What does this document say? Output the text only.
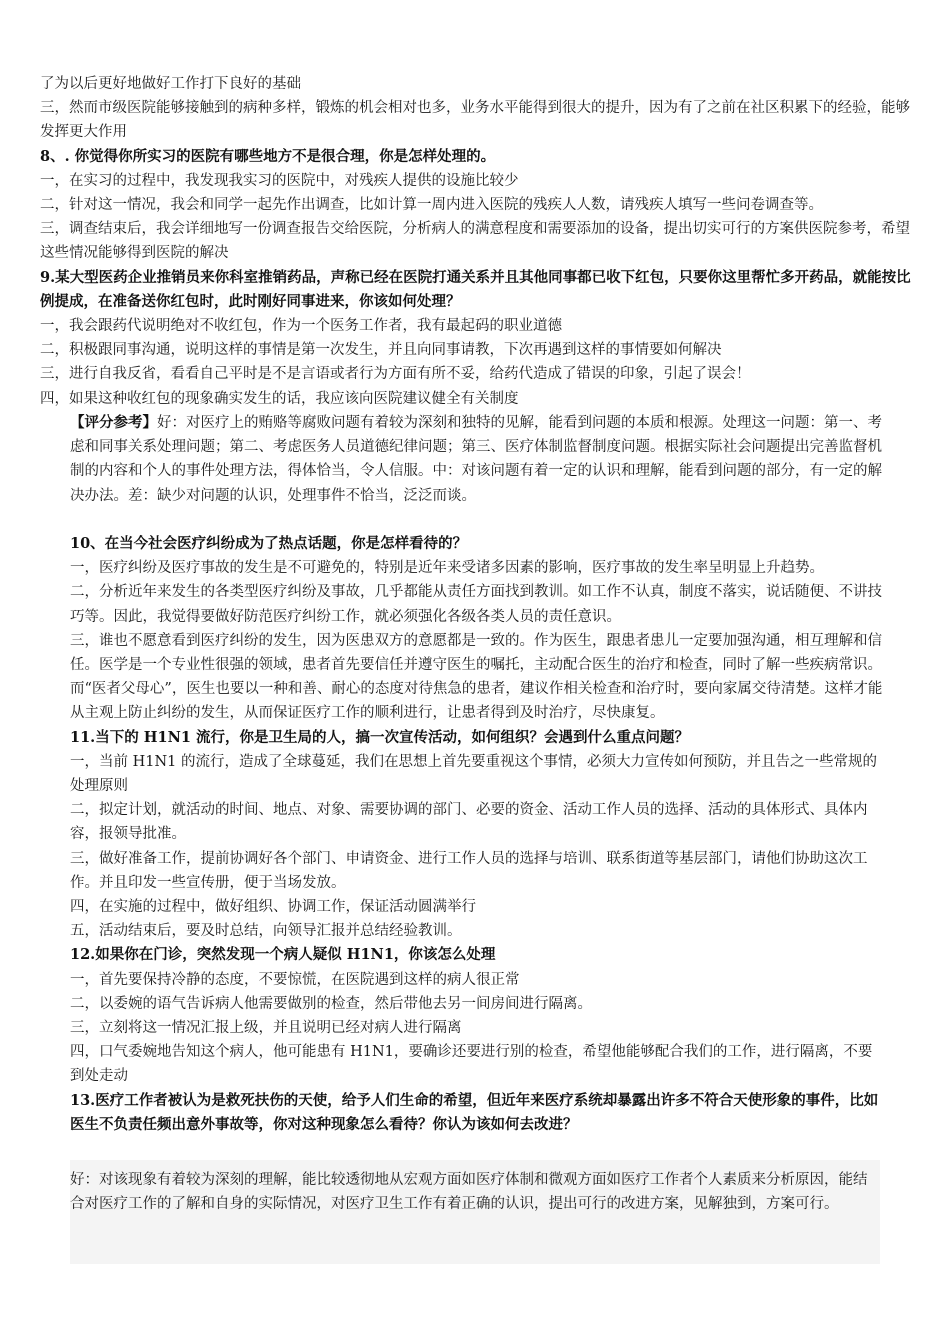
了为以后更好地做好工作打下良好的基础

三，然而市级医院能够接触到的病种多样，锻炼的机会相对也多，业务水平能得到很大的提升，因为有了之前在社区积累下的经验，能够发挥更大作用

8、. 你觉得你所实习的医院有哪些地方不是很合理，你是怎样处理的。

一，在实习的过程中，我发现我实习的医院中，对残疾人提供的设施比较少

二，针对这一情况，我会和同学一起先作出调查，比如计算一周内进入医院的残疾人人数，请残疾人填写一些问卷调查等。

三，调查结束后，我会详细地写一份调查报告交给医院，分析病人的满意程度和需要添加的设备，提出切实可行的方案供医院参考，希望这些情况能够得到医院的解决

9.某大型医药企业推销员来你科室推销药品，声称已经在医院打通关系并且其他同事都已收下红包，只要你这里帮忙多开药品，就能按比例提成，在准备送你红包时，此时刚好同事进来，你该如何处理？

一，我会跟药代说明绝对不收红包，作为一个医务工作者，我有最起码的职业道德

二，积极跟同事沟通，说明这样的事情是第一次发生，并且向同事请教，下次再遇到这样的事情要如何解决

三，进行自我反省，看看自己平时是不是言语或者行为方面有所不妥，给药代造成了错误的印象，引起了误会！

四，如果这种收红包的现象确实发生的话，我应该向医院建议健全有关制度

【评分参考】好：对医疗上的贿赂等腐败问题有着较为深刻和独特的见解，能看到问题的本质和根源。处理这一问题：第一、考虑和同事关系处理问题；第二、考虑医务人员道德纪律问题；第三、医疗体制监督制度问题。根据实际社会问题提出完善监督机制的内容和个人的事件处理方法，得体恰当，令人信服。中：对该问题有着一定的认识和理解，能看到问题的部分，有一定的解决办法。差：缺少对问题的认识，处理事件不恰当，泛泛而谈。

10、在当今社会医疗纠纷成为了热点话题，你是怎样看待的？

一，医疗纠纷及医疗事故的发生是不可避免的，特别是近年来受诸多因素的影响，医疗事故的发生率呈明显上升趋势。

二，分析近年来发生的各类型医疗纠纷及事故，几乎都能从责任方面找到教训。如工作不认真，制度不落实，说话随便、不讲技巧等。因此，我觉得要做好防范医疗纠纷工作，就必须强化各级各类人员的责任意识。

三，谁也不愿意看到医疗纠纷的发生，因为医患双方的意愿都是一致的。作为医生，跟患者患儿一定要加强沟通，相互理解和信任。医学是一个专业性很强的领域，患者首先要信任并遵守医生的嘱托，主动配合医生的治疗和检查，同时了解一些疾病常识。而“医者父母心”，医生也要以一种和善、耐心的态度对待焦急的患者，建议作相关检查和治疗时，要向家属交待清楚。这样才能从主观上防止纠纷的发生，从而保证医疗工作的顺利进行，让患者得到及时治疗，尽快康复。

11.当下的 H1N1 流行，你是卫生局的人，搞一次宣传活动，如何组织？会遇到什么重点问题？

一，当前 H1N1 的流行，造成了全球蔓延，我们在思想上首先要重视这个事情，必须大力宣传如何预防，并且告之一些常规的处理原则

二，拟定计划，就活动的时间、地点、对象、需要协调的部门、必要的资金、活动工作人员的选择、活动的具体形式、具体内容，报领导批准。

三，做好准备工作，提前协调好各个部门、申请资金、进行工作人员的选择与培训、联系街道等基层部门，请他们协助这次工作。并且印发一些宣传册，便于当场发放。

四，在实施的过程中，做好组织、协调工作，保证活动圆满举行

五，活动结束后，要及时总结，向领导汇报并总结经验教训。

12.如果你在门诊，突然发现一个病人疑似 H1N1，你该怎么处理

一，首先要保持冷静的态度，不要惊慌，在医院遇到这样的病人很正常

二，以委婉的语气告诉病人他需要做别的检查，然后带他去另一间房间进行隔离。

三，立刻将这一情况汇报上级，并且说明已经对病人进行隔离

四，口气委婉地告知这个病人，他可能患有 H1N1，要确诊还要进行别的检查，希望他能够配合我们的工作，进行隔离，不要到处走动

13.医疗工作者被认为是救死扶伤的天使，给予人们生命的希望，但近年来医疗系统却暴露出许多不符合天使形象的事件，比如医生不负责任频出意外事故等，你对这种现象怎么看待？你认为该如何去改进？

好：对该现象有着较为深刻的理解，能比较透彻地从宏观方面如医疗体制和微观方面如医疗工作者个人素质来分析原因，能结合对医疗工作的了解和自身的实际情况，对医疗卫生工作有着正确的认识，提出可行的改进方案，见解独到，方案可行。
